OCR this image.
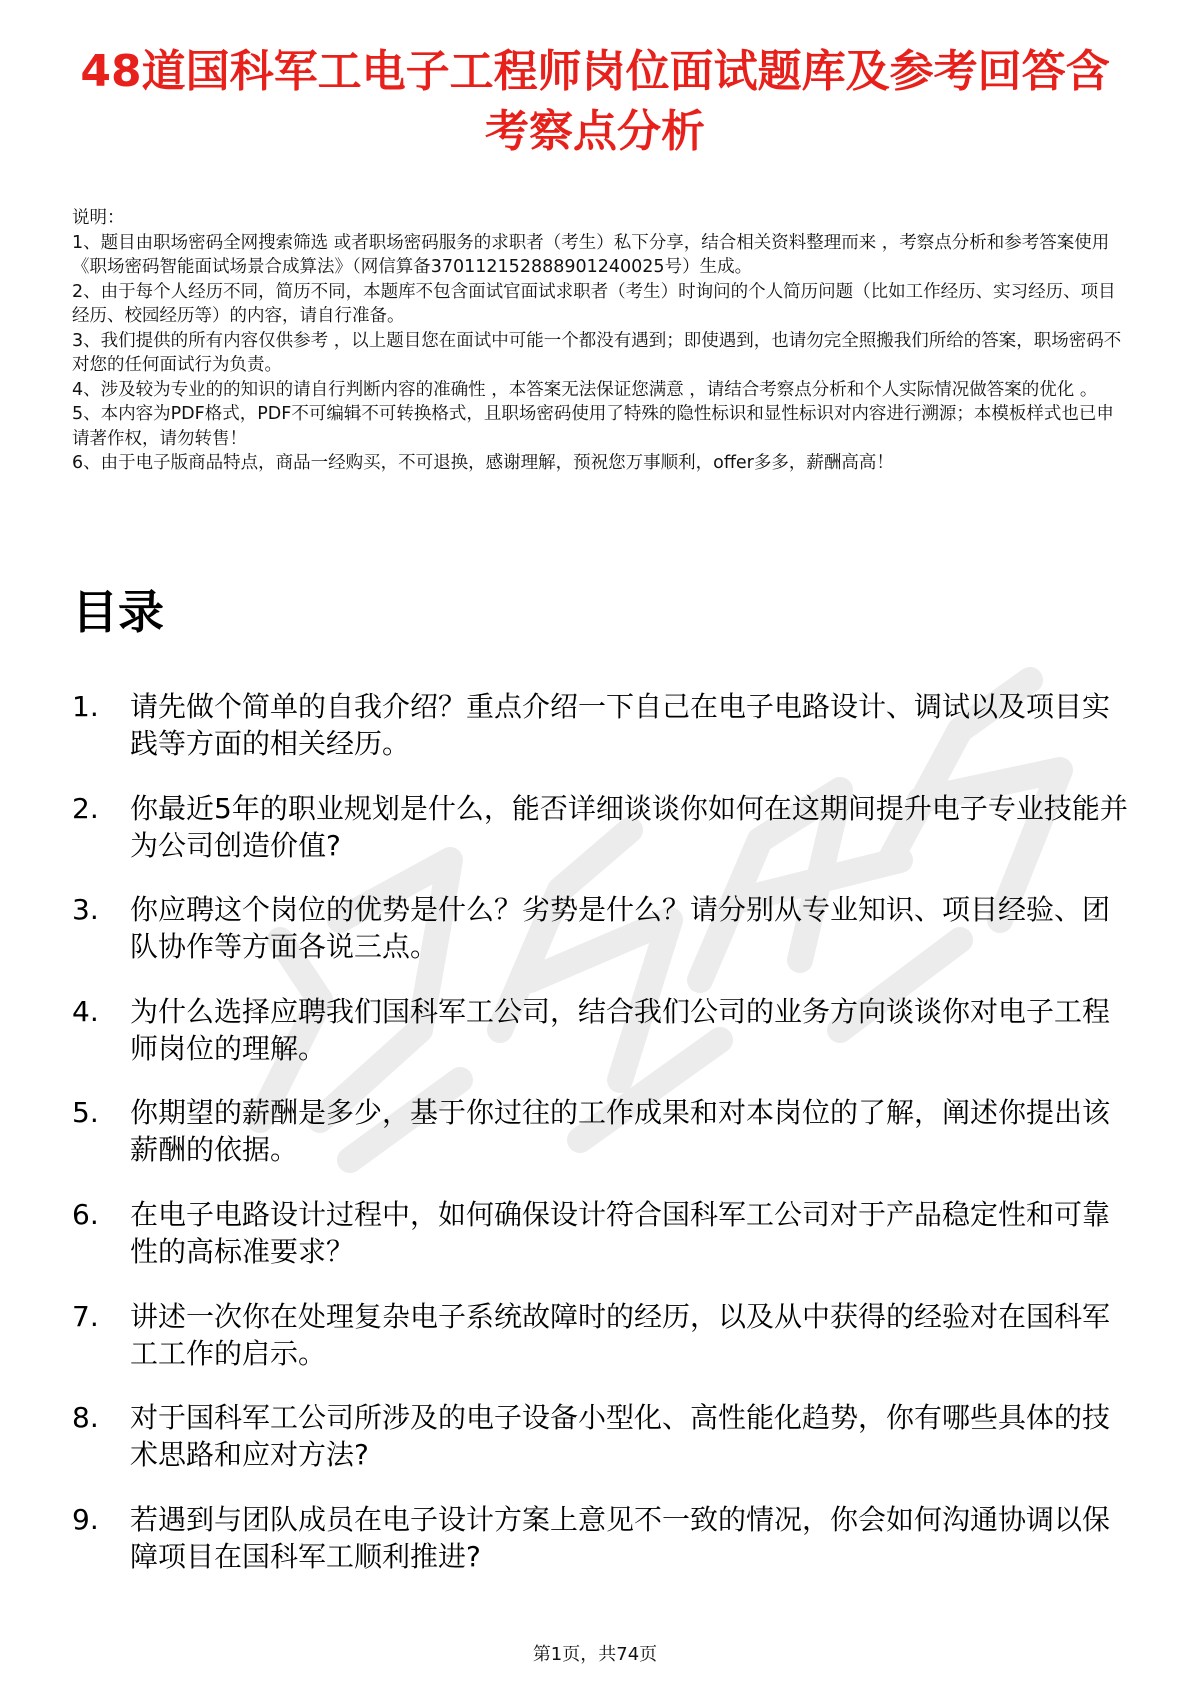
48道国科军工电子工程师岗位面试题库及参考回答含考察点分析

说明：

1、题目由职场密码全网搜索筛选 或者职场密码服务的求职者（考生）私下分享，结合相关资料整理而来 ，考察点分析和参考答案使用《职场密码智能面试场景合成算法》（网信算备370112152888901240025号）生成。

2、由于每个人经历不同，简历不同，本题库不包含面试官面试求职者（考生）时询问的个人简历问题（比如工作经历、实习经历、项目经历、校园经历等）的内容，请自行准备。

3、我们提供的所有内容仅供参考 ，以上题目您在面试中可能一个都没有遇到；即使遇到，也请勿完全照搬我们所给的答案，职场密码不对您的任何面试行为负责。

4、涉及较为专业的的知识的请自行判断内容的准确性 ，本答案无法保证您满意 ，请结合考察点分析和个人实际情况做答案的优化 。

5、本内容为PDF格式，PDF不可编辑不可转换格式，且职场密码使用了特殊的隐性标识和显性标识对内容进行溯源；本模板样式也已申请著作权，请勿转售！

6、由于电子版商品特点，商品一经购买，不可退换，感谢理解，预祝您万事顺利，offer多多，薪酬高高！

目录
1.	请先做个简单的自我介绍？重点介绍一下自己在电子电路设计、调试以及项目实践等方面的相关经历。
2.	你最近5年的职业规划是什么，能否详细谈谈你如何在这期间提升电子专业技能并为公司创造价值?
3.	你应聘这个岗位的优势是什么？劣势是什么？请分别从专业知识、项目经验、团队协作等方面各说三点。
4.	为什么选择应聘我们国科军工公司，结合我们公司的业务方向谈谈你对电子工程师岗位的理解。
5.	你期望的薪酬是多少，基于你过往的工作成果和对本岗位的了解，阐述你提出该薪酬的依据。
6.	在电子电路设计过程中，如何确保设计符合国科军工公司对于产品稳定性和可靠性的高标准要求？
7.	讲述一次你在处理复杂电子系统故障时的经历，以及从中获得的经验对在国科军工工作的启示。
8.	对于国科军工公司所涉及的电子设备小型化、高性能化趋势，你有哪些具体的技术思路和应对方法?
9.	若遇到与团队成员在电子设计方案上意见不一致的情况，你会如何沟通协调以保障项目在国科军工顺利推进?
第1页，共74页
